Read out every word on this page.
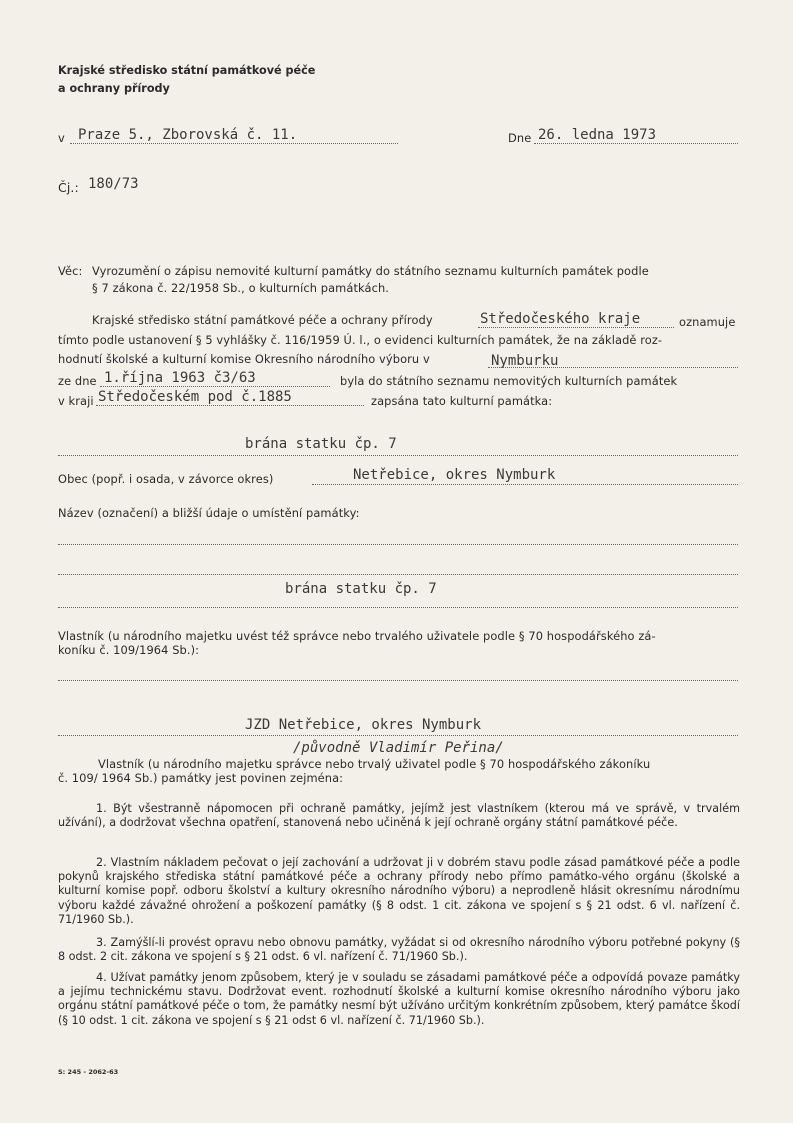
Krajské středisko státní památkové péče
a ochrany přírody
v Praze 5., Zborovská č. 11.	Dne 26. ledna 1973
Čj.: 180/73
Věc: Vyrozumění o zápisu nemovité kulturní památky do státního seznamu kulturních památek podle
§ 7 zákona č. 22/1958 Sb., o kulturních památkách.
Krajské středisko státní památkové péče a ochrany přírody	Středočeského kraje	oznamuje
tímto podle ustanovení § 5 vyhlášky č. 116/1959 Ú. l., o evidenci kulturních památek, že na základě roz-
hodnutí školské a kulturní komise Okresního národního výboru v	Nymburku
ze dne 1.října 1963 č3/63	byla do státního seznamu nemovitých kulturních památek
v kraji Středočeském pod č.1885	zapsána tato kulturní památka:
brána statku čp. 7
Obec (popř. i osada, v závorce okres)	Netřebice, okres Nymburk
Název (označení) a bližší údaje o umístění památky:
brána statku čp. 7
Vlastník (u národního majetku uvést též správce nebo trvalého uživatele podle § 70 hospodářského zá-
koníku č. 109/1964 Sb.):
JZD Netřebice, okres Nymburk
/původně Vladimír Peřina/
Vlastník (u národního majetku správce nebo trvalý uživatel podle § 70 hospodářského zákoníku
č. 109/ 1964 Sb.) památky jest povinen zejména:
1. Být všestranně nápomocen při ochraně památky, jejímž jest vlastníkem (kterou má ve správě, v trvalém užívání), a dodržovat všechna opatření, stanovená nebo učiněná k její ochraně orgány státní památkové péče.
2. Vlastním nákladem pečovat o její zachování a udržovat ji v dobrém stavu podle zásad památkové péče a podle pokynů krajského střediska státní památkové péče a ochrany přírody nebo přímo památko-vého orgánu (školské a kulturní komise popř. odboru školství a kultury okresního národního výboru) a neprodleně hlásit okresnímu národnímu výboru každé závažné ohrožení a poškození památky (§ 8 odst. 1 cit. zákona ve spojení s § 21 odst. 6 vl. nařízení č. 71/1960 Sb.).
3. Zamýšlí-li provést opravu nebo obnovu památky, vyžádat si od okresního národního výboru potřebné pokyny (§ 8 odst. 2 cit. zákona ve spojení s § 21 odst. 6 vl. nařízení č. 71/1960 Sb.).
4. Užívat památky jenom způsobem, který je v souladu se zásadami památkové péče a odpovídá povaze památky a jejímu technickému stavu. Dodržovat event. rozhodnutí školské a kulturní komise okresního národního výboru jako orgánu státní památkové péče o tom, že památky nesmí být užíváno určitým konkrétním způsobem, který památce škodí (§ 10 odst. 1 cit. zákona ve spojení s § 21 odst 6 vl. nařízení č. 71/1960 Sb.).
S: 245 - 2062-63
